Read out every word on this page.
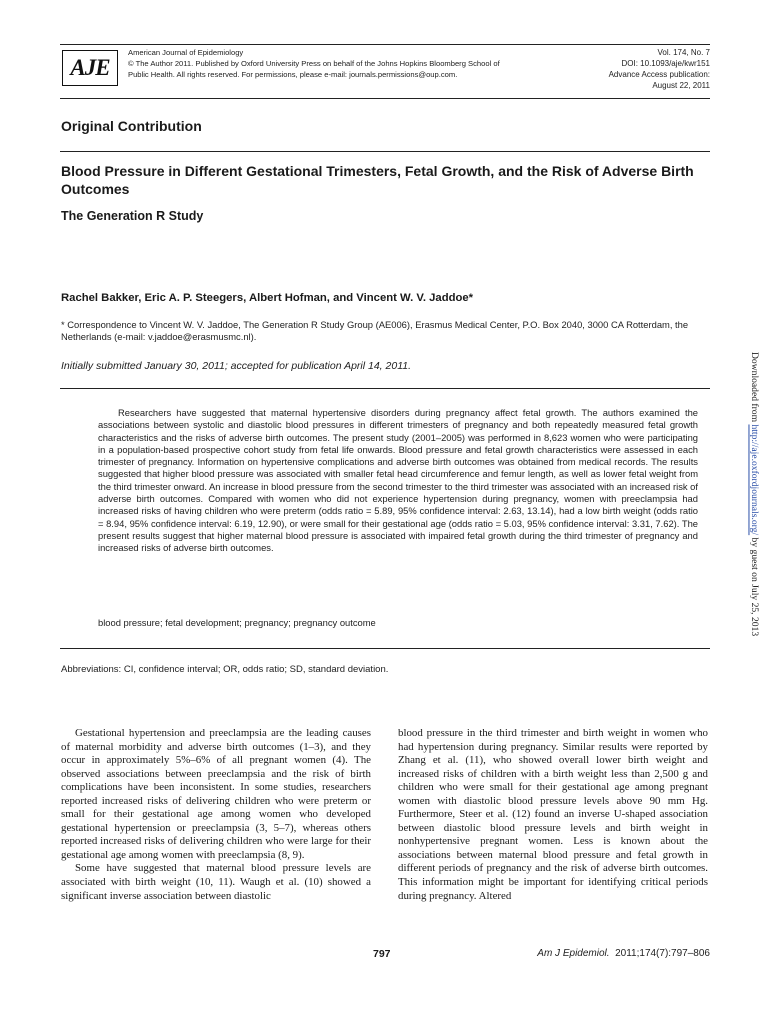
AJE
American Journal of Epidemiology
© The Author 2011. Published by Oxford University Press on behalf of the Johns Hopkins Bloomberg School of Public Health. All rights reserved. For permissions, please e-mail: journals.permissions@oup.com.
Vol. 174, No. 7
DOI: 10.1093/aje/kwr151
Advance Access publication:
August 22, 2011
Original Contribution
Blood Pressure in Different Gestational Trimesters, Fetal Growth, and the Risk of Adverse Birth Outcomes
The Generation R Study
Rachel Bakker, Eric A. P. Steegers, Albert Hofman, and Vincent W. V. Jaddoe*
* Correspondence to Vincent W. V. Jaddoe, The Generation R Study Group (AE006), Erasmus Medical Center, P.O. Box 2040, 3000 CA Rotterdam, the Netherlands (e-mail: v.jaddoe@erasmusmc.nl).
Initially submitted January 30, 2011; accepted for publication April 14, 2011.
Researchers have suggested that maternal hypertensive disorders during pregnancy affect fetal growth. The authors examined the associations between systolic and diastolic blood pressures in different trimesters of pregnancy and both repeatedly measured fetal growth characteristics and the risks of adverse birth outcomes. The present study (2001–2005) was performed in 8,623 women who were participating in a population-based prospective cohort study from fetal life onwards. Blood pressure and fetal growth characteristics were assessed in each trimester of pregnancy. Information on hypertensive complications and adverse birth outcomes was obtained from medical records. The results suggested that higher blood pressure was associated with smaller fetal head circumference and femur length, as well as lower fetal weight from the third trimester onward. An increase in blood pressure from the second trimester to the third trimester was associated with an increased risk of adverse birth outcomes. Compared with women who did not experience hypertension during pregnancy, women with preeclampsia had increased risks of having children who were preterm (odds ratio = 5.89, 95% confidence interval: 2.63, 13.14), had a low birth weight (odds ratio = 8.94, 95% confidence interval: 6.19, 12.90), or were small for their gestational age (odds ratio = 5.03, 95% confidence interval: 3.31, 7.62). The present results suggest that higher maternal blood pressure is associated with impaired fetal growth during the third trimester of pregnancy and increased risks of adverse birth outcomes.
blood pressure; fetal development; pregnancy; pregnancy outcome
Abbreviations: CI, confidence interval; OR, odds ratio; SD, standard deviation.

Gestational hypertension and preeclampsia are the leading causes of maternal morbidity and adverse birth outcomes (1–3), and they occur in approximately 5%–6% of all pregnant women (4). The observed associations between preeclampsia and the risk of birth complications have been inconsistent. In some studies, researchers reported increased risks of delivering children who were preterm or small for their gestational age among women who developed gestational hypertension or preeclampsia (3, 5–7), whereas others reported increased risks of delivering children who were large for their gestational age among women with preeclampsia (8, 9).

Some have suggested that maternal blood pressure levels are associated with birth weight (10, 11). Waugh et al. (10) showed a significant inverse association between diastolic

blood pressure in the third trimester and birth weight in women who had hypertension during pregnancy. Similar results were reported by Zhang et al. (11), who showed overall lower birth weight and increased risks of children with a birth weight less than 2,500 g and children who were small for their gestational age among pregnant women with diastolic blood pressure levels above 90 mm Hg. Furthermore, Steer et al. (12) found an inverse U-shaped association between diastolic blood pressure levels and birth weight in nonhypertensive pregnant women. Less is known about the associations between maternal blood pressure and fetal growth in different periods of pregnancy and the risk of adverse birth outcomes. This information might be important for identifying critical periods during pregnancy. Altered

797	Am J Epidemiol. 2011;174(7):797–806
Downloaded from http://aje.oxfordjournals.org/ by guest on July 25, 2013
